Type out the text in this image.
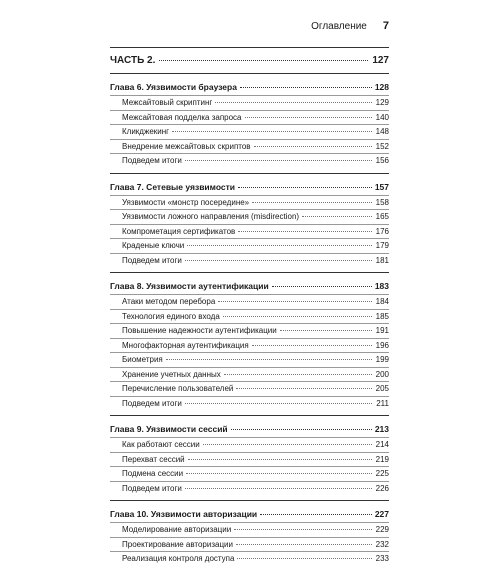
Оглавление 7
ЧАСТЬ 2.	127
Глава 6. Уязвимости браузера	128
Межсайтовый скриптинг	129
Межсайтовая подделка запроса	140
Кликджекинг	148
Внедрение межсайтовых скриптов	152
Подведем итоги	156
Глава 7. Сетевые уязвимости	157
Уязвимости «монстр посередине»	158
Уязвимости ложного направления (misdirection)	165
Компрометация сертификатов	176
Краденые ключи	179
Подведем итоги	181
Глава 8. Уязвимости аутентификации	183
Атаки методом перебора	184
Технология единого входа	185
Повышение надежности аутентификации	191
Многофакторная аутентификация	196
Биометрия	199
Хранение учетных данных	200
Перечисление пользователей	205
Подведем итоги	211
Глава 9. Уязвимости сессий	213
Как работают сессии	214
Перехват сессий	219
Подмена сессии	225
Подведем итоги	226
Глава 10. Уязвимости авторизации	227
Моделирование авторизации	229
Проектирование авторизации	232
Реализация контроля доступа	233
